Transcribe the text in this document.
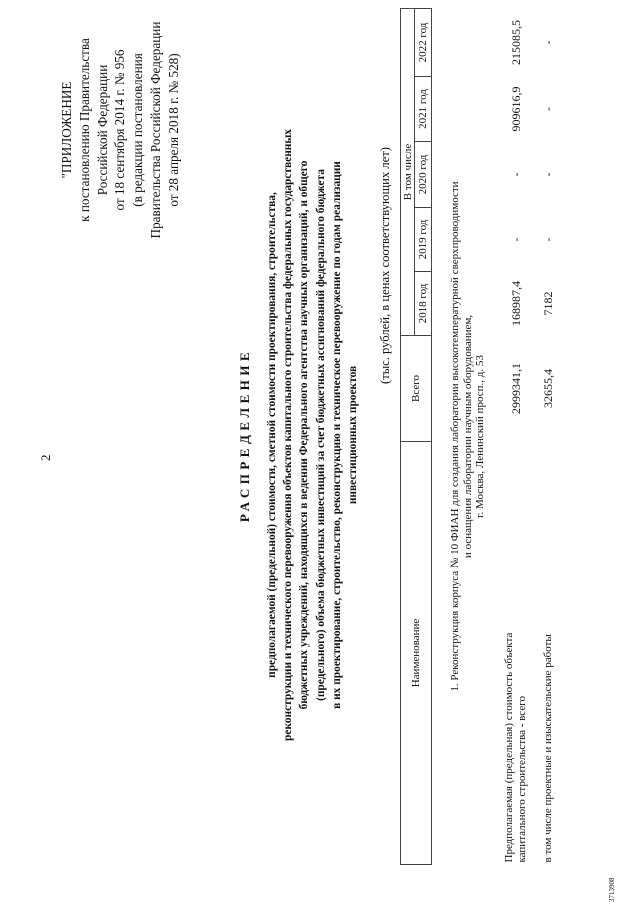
2
"ПРИЛОЖЕНИЕ к постановлению Правительства Российской Федерации от 18 сентября 2014 г. № 956 (в редакции постановления Правительства Российской Федерации от 28 апреля 2018 г. № 528)
РАСПРЕДЕЛЕНИЕ предполагаемой (предельной) стоимости, сметной стоимости проектирования, строительства, реконструкции и технического перевооружения объектов капитального строительства федеральных государственных бюджетных учреждений, находящихся в ведении Федерального агентства научных организаций, и общего (предельного) объема бюджетных инвестиций за счет бюджетных ассигнований федерального бюджета в их проектирование, строительство, реконструкцию и техническое перевооружение по годам реализации инвестиционных проектов
(тыс. рублей, в ценах соответствующих лет)
Наименование	Всего	В том числе				
		2018 год	2019 год	2020 год	2021 год	2022 год

1. Реконструкция корпуса № 10 ФИАН для создания лаборатории высокотемпературной сверхпроводимости и оснащения лаборатории научным оборудованием, г. Москва, Ленинский просп., д. 53						

Предполагаемая (предельная) стоимость объекта капитального строительства - всего	2999341,1	168987,4	-	-	909616,9	215085,5

в том числе проектные и изыскательские работы	32655,4	7182	-	-	-	-
3713908
